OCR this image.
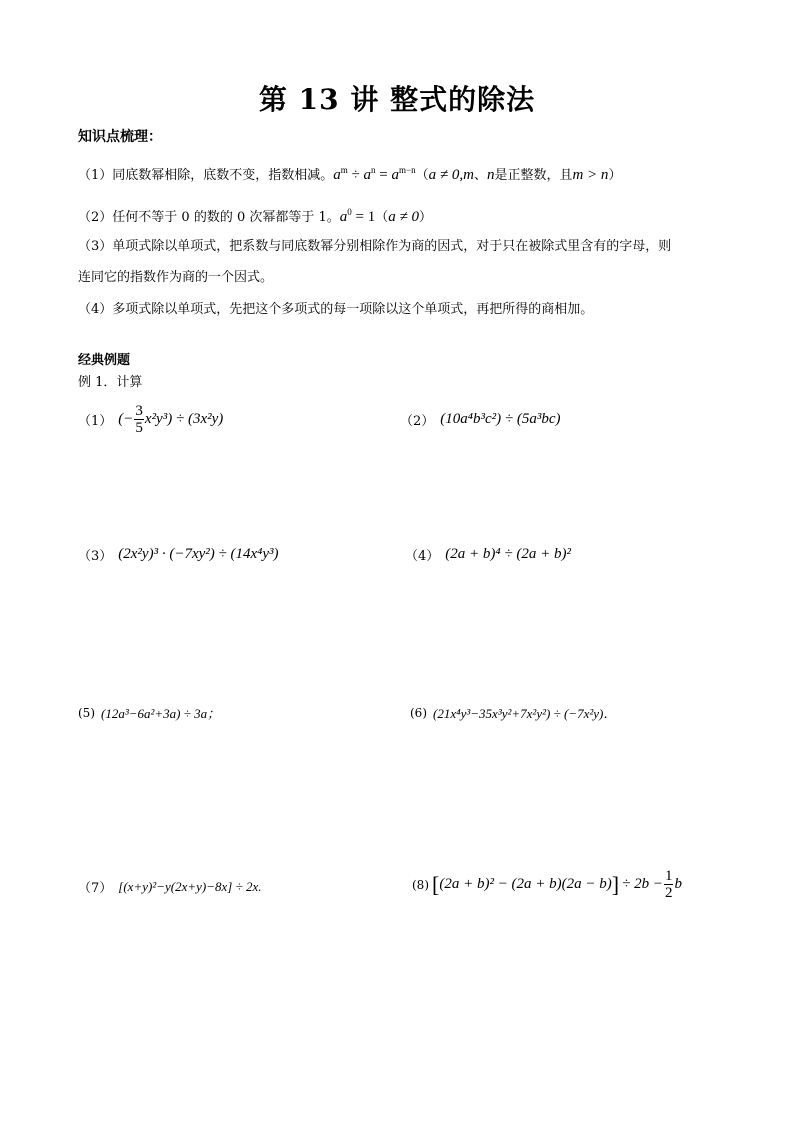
第 13 讲 整式的除法
知识点梳理：
（1）同底数幂相除，底数不变，指数相减。$a^m \div a^n = a^{m-n}(a \ne 0,m$、n是正整数，且m > n）
（2）任何不等于 0 的数的 0 次幂都等于 1。$a^0 = 1(a \ne 0)$
（3）单项式除以单项式，把系数与同底数幂分别相除作为商的因式，对于只在被除式里含有的字母，则
连同它的指数作为商的一个因式。
（4）多项式除以单项式，先把这个多项式的每一项除以这个单项式，再把所得的商相加。
经典例题
例 1．计算
（1） (− $\frac{3}{5} x^2y^3) \div (3x^2y)$	（2） (10a⁴b³c²) ÷ (5a³bc)
（3） (2x²y)³ · (−7xy²) ÷ (14x⁴y³)	（4） (2a + b)⁴ ÷ (2a + b)²
(5) (12a³−6a²+3a) ÷ 3a；	(6) (21x⁴y³−35x³y²+7x²y²) ÷ (−7x²y)．
（7） [(x+y)²−y(2x+y)−8x] ÷ 2x.	(8) [ (2a + b)² − (2a + b)(2a − b) ] ÷ $2b - \frac{1}{2}$ b
